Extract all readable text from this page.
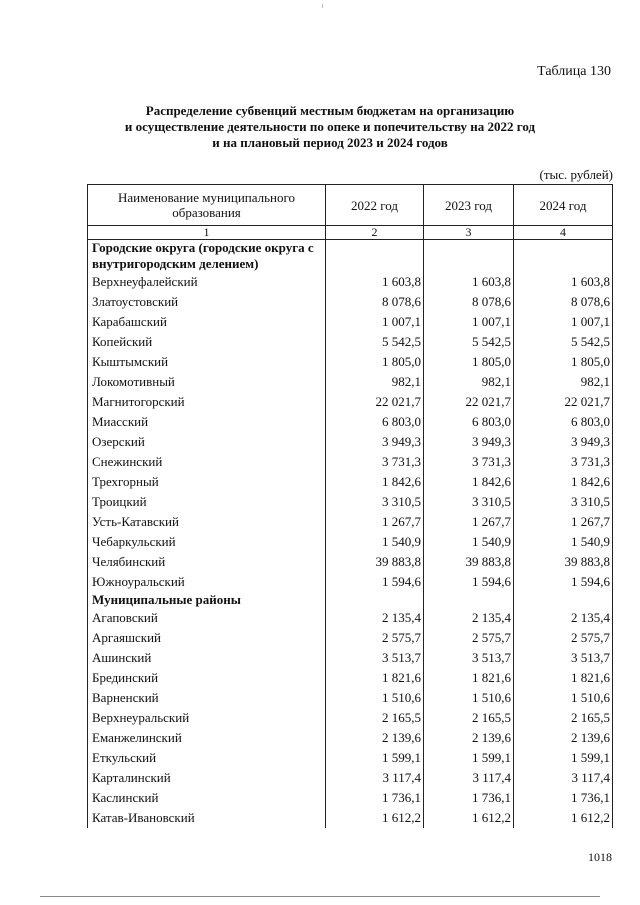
Таблица 130
Распределение субвенций местным бюджетам на организацию
и осуществление деятельности по опеке и попечительству на 2022 год
и на плановый период 2023 и 2024 годов
(тыс. рублей)
Наименование муниципального образования	2022 год	2023 год	2024 год
1	2	3	4
Городские округа (городские округа с внутригородским делением)			
Верхнеуфалейский	1 603,8	1 603,8	1 603,8
Златоустовский	8 078,6	8 078,6	8 078,6
Карабашский	1 007,1	1 007,1	1 007,1
Копейский	5 542,5	5 542,5	5 542,5
Кыштымский	1 805,0	1 805,0	1 805,0
Локомотивный	982,1	982,1	982,1
Магнитогорский	22 021,7	22 021,7	22 021,7
Миасский	6 803,0	6 803,0	6 803,0
Озерский	3 949,3	3 949,3	3 949,3
Снежинский	3 731,3	3 731,3	3 731,3
Трехгорный	1 842,6	1 842,6	1 842,6
Троицкий	3 310,5	3 310,5	3 310,5
Усть-Катавский	1 267,7	1 267,7	1 267,7
Чебаркульский	1 540,9	1 540,9	1 540,9
Челябинский	39 883,8	39 883,8	39 883,8
Южноуральский	1 594,6	1 594,6	1 594,6
Муниципальные районы			
Агаповский	2 135,4	2 135,4	2 135,4
Аргаяшский	2 575,7	2 575,7	2 575,7
Ашинский	3 513,7	3 513,7	3 513,7
Брединский	1 821,6	1 821,6	1 821,6
Варненский	1 510,6	1 510,6	1 510,6
Верхнеуральский	2 165,5	2 165,5	2 165,5
Еманжелинский	2 139,6	2 139,6	2 139,6
Еткульский	1 599,1	1 599,1	1 599,1
Карталинский	3 117,4	3 117,4	3 117,4
Каслинский	1 736,1	1 736,1	1 736,1
Катав-Ивановский	1 612,2	1 612,2	1 612,2
1018
